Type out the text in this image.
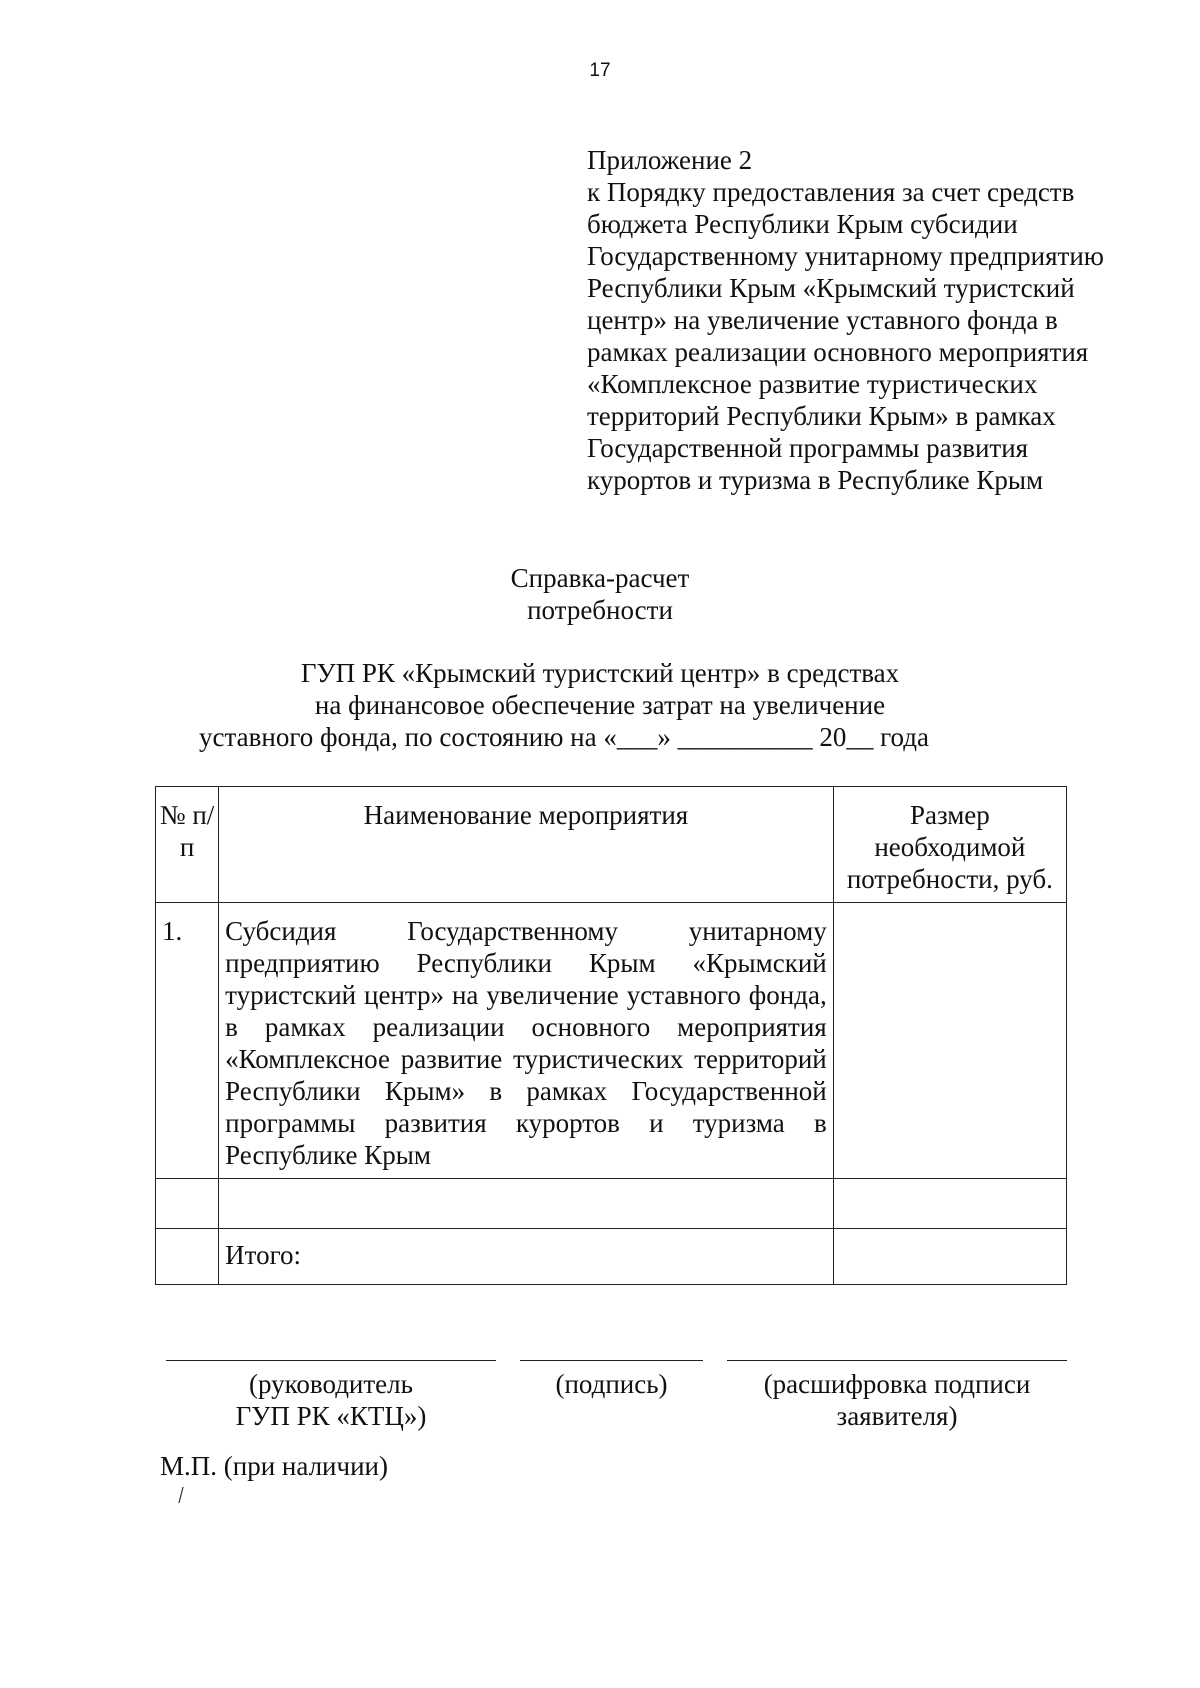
17
Приложение 2
к Порядку предоставления за счет средств
бюджета Республики Крым субсидии
Государственному унитарному предприятию
Республики Крым «Крымский туристский
центр» на увеличение уставного фонда в
рамках реализации основного мероприятия
«Комплексное развитие туристических
территорий Республики Крым» в рамках
Государственной программы развития
курортов и туризма в Республике Крым
Справка-расчет
потребности
ГУП РК «Крымский туристский центр» в средствах
на финансовое обеспечение затрат на увеличение
уставного фонда, по состоянию на «___» __________ 20__ года
№ п/п	Наименование мероприятия	Размер необходимой потребности, руб.
1.	Субсидия Государственному унитарному предприятию Республики Крым «Крымский туристский центр» на увеличение уставного фонда, в рамках реализации основного мероприятия «Комплексное развитие туристических территорий Республики Крым» в рамках Государственной программы развития курортов и туризма в Республике Крым	

	Итого:	
(руководитель
ГУП РК «КТЦ»)
(подпись)	(расшифровка подписи
заявителя)
М.П. (при наличии)
